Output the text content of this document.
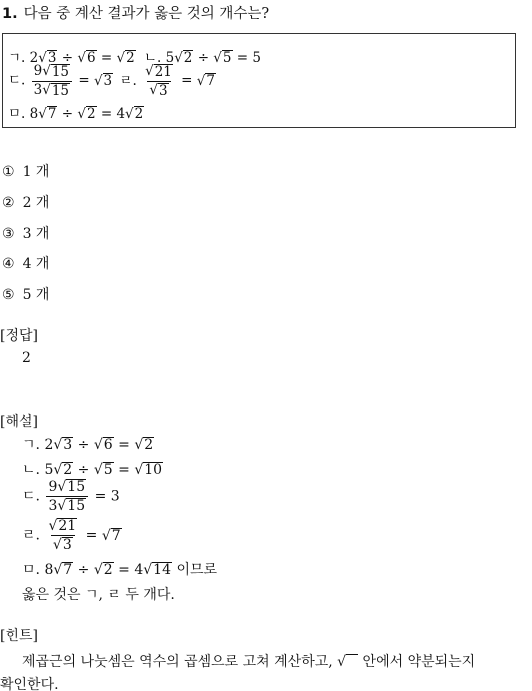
1. 다음 중 계산 결과가 옳은 것의 개수는?
ㄱ. 2 √ 3 ÷ √ 6 = √ 2 ㄴ. 5 √ 2 ÷ √ 5 = 5
ㄷ. $\frac{9 √ 15}{3 √ 15}$ = √ 3 ㄹ. $\frac{√ 21}{√ 3}$ = √ 7
ㅁ. 8 √ 7 ÷ √ 2 = 4 √ 2
① 1 개
② 2 개
③ 3 개
④ 4 개
⑤ 5 개
[정답]
2
[해설]
ㄱ. 2 √ 3 ÷ √ 6 = √ 2
ㄴ. 5 √ 2 ÷ √ 5 = √ 10
ㄷ. $\frac{9 √ 15}{3 √ 15} = 3$
ㄹ. $\frac{√ 21}{√ 3}$ = √ 7
ㅁ. 8 √ 7 ÷ √ 2 = 4 √ 14 이므로
옳은 것은 ㄱ, ㄹ 두 개다.
[힌트]
제곱근의 나눗셈은 역수의 곱셈으로 고쳐 계산하고, √ 안에서 약분되는지
확인한다.
